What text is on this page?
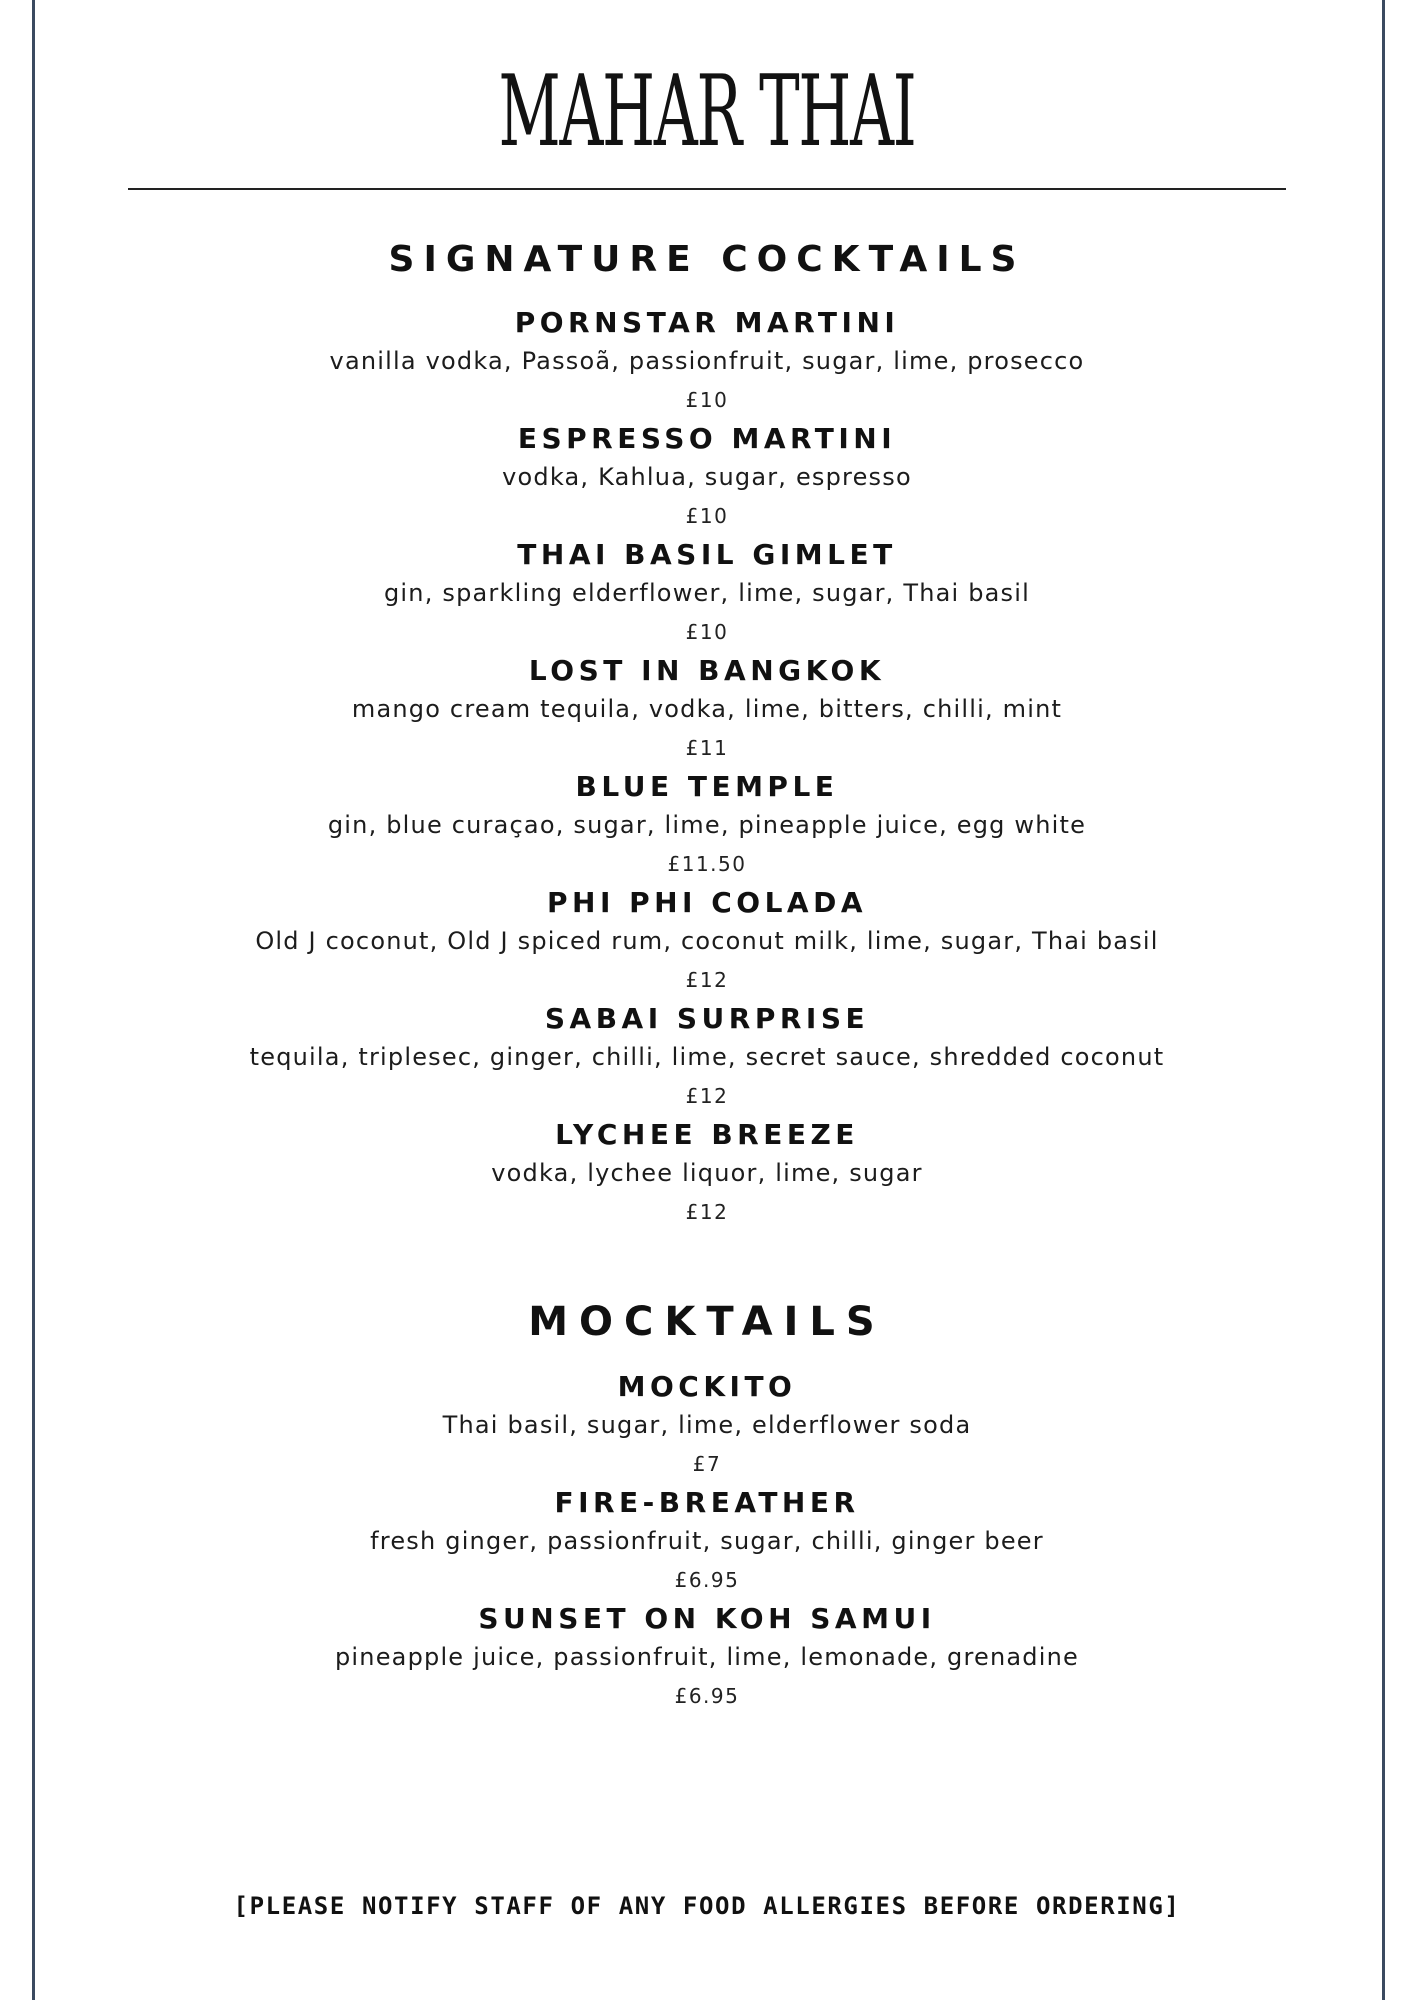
MAHAR THAI
SIGNATURE COCKTAILS
PORNSTAR MARTINI
vanilla vodka, Passoã, passionfruit, sugar, lime, prosecco
£10
ESPRESSO MARTINI
vodka, Kahlua, sugar, espresso
£10
THAI BASIL GIMLET
gin, sparkling elderflower, lime, sugar, Thai basil
£10
LOST IN BANGKOK
mango cream tequila, vodka, lime, bitters, chilli, mint
£11
BLUE TEMPLE
gin, blue curaçao, sugar, lime, pineapple juice, egg white
£11.50
PHI PHI COLADA
Old J coconut, Old J spiced rum, coconut milk, lime, sugar, Thai basil
£12
SABAI SURPRISE
tequila, triplesec, ginger, chilli, lime, secret sauce, shredded coconut
£12
LYCHEE BREEZE
vodka, lychee liquor, lime, sugar
£12
MOCKTAILS
MOCKITO
Thai basil, sugar, lime, elderflower soda
£7
FIRE-BREATHER
fresh ginger, passionfruit, sugar, chilli, ginger beer
£6.95
SUNSET ON KOH SAMUI
pineapple juice, passionfruit, lime, lemonade, grenadine
£6.95
[PLEASE NOTIFY STAFF OF ANY FOOD ALLERGIES BEFORE ORDERING]
